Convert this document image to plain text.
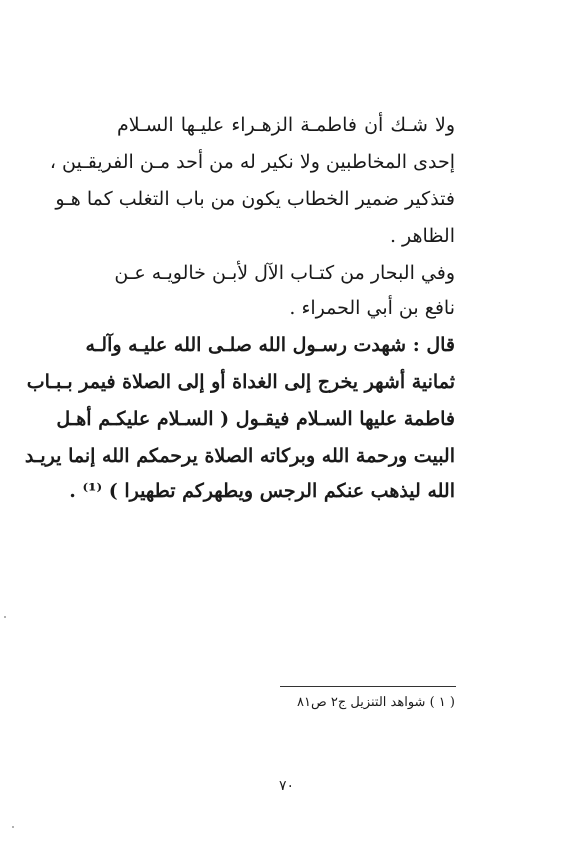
ولا شـك أن فاطمـة الزهـراء عليـها السـلام
إحدى المخاطبين ولا نكير له من أحد مـن الفريقـين ،
فتذكير ضمير الخطاب يكون من باب التغلب كما هـو
الظاهر .
وفي البحار من كتـاب الآل لأبـن خالويـه عـن
نافع بن أبي الحمراء .
قال : شهدت رسـول الله صلـى الله عليـه وآلـه
ثمانية أشهر يخرج إلى الغداة أو إلى الصلاة فيمر بـبـاب
فاطمة عليها السـلام فيقـول ( السـلام عليكـم أهـل
البيت ورحمة الله وبركاته الصلاة يرحمكم الله إنما يريـد
الله ليذهب عنكم الرجس ويطهركم تطهيرا ) ⁽¹⁾ .
( ١ ) شواهد التنزيل ج٢ ص٨١
٧٠
